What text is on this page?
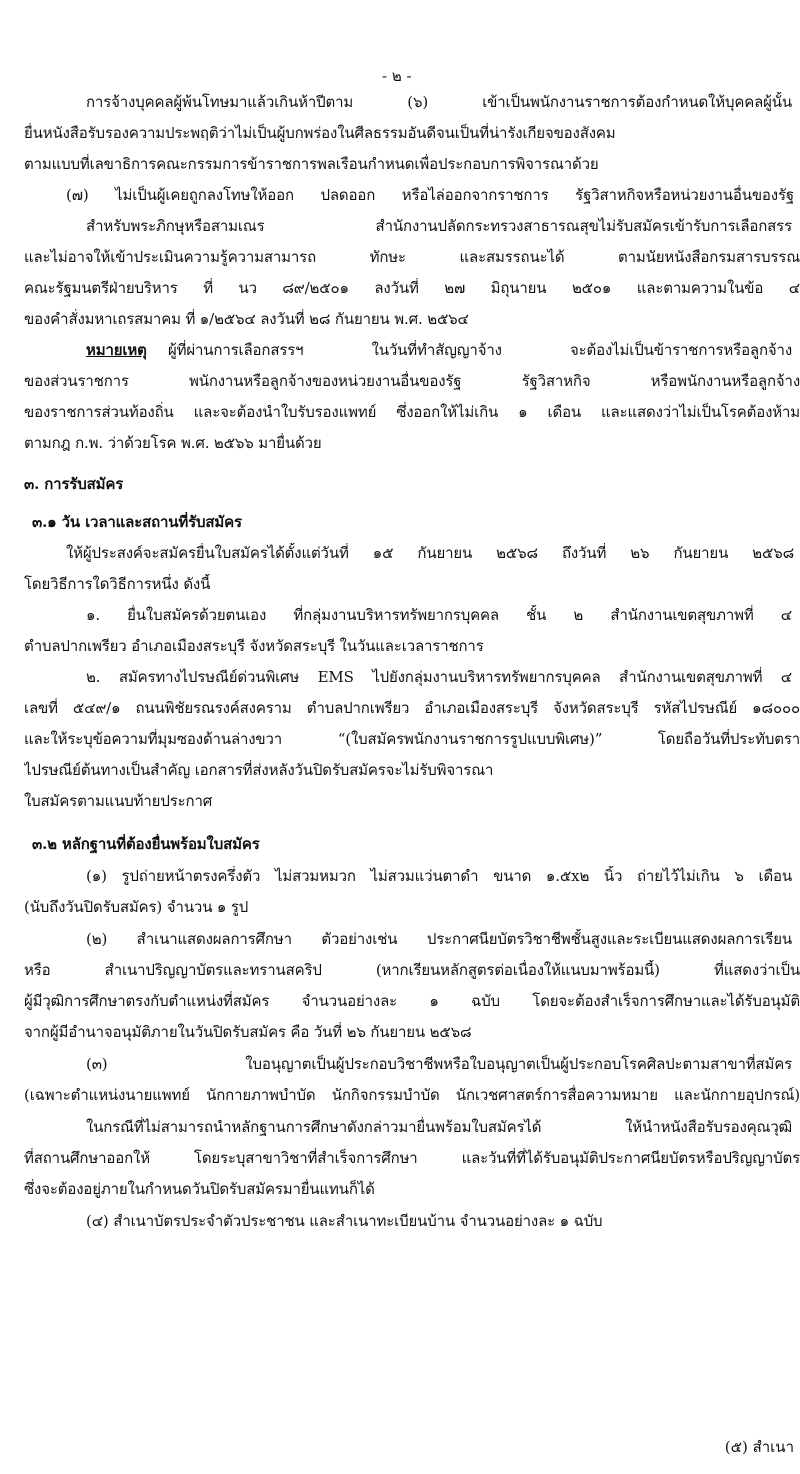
- ๒ -
การจ้างบุคคลผู้พ้นโทษมาแล้วเกินห้าปีตาม (๖) เข้าเป็นพนักงานราชการต้องกำหนดให้บุคคลผู้นั้น
ยื่นหนังสือรับรองความประพฤติว่าไม่เป็นผู้บกพร่องในศีลธรรมอันดีจนเป็นที่น่ารังเกียจของสังคม
ตามแบบที่เลขาธิการคณะกรรมการข้าราชการพลเรือนกำหนดเพื่อประกอบการพิจารณาด้วย
(๗) ไม่เป็นผู้เคยถูกลงโทษให้ออก ปลดออก หรือไล่ออกจากราชการ รัฐวิสาหกิจหรือหน่วยงานอื่นของรัฐ
สำหรับพระภิกษุหรือสามเณร สำนักงานปลัดกระทรวงสาธารณสุขไม่รับสมัครเข้ารับการเลือกสรร
และไม่อาจให้เข้าประเมินความรู้ความสามารถ ทักษะ และสมรรถนะได้ ตามนัยหนังสือกรมสารบรรณ
คณะรัฐมนตรีฝ่ายบริหาร ที่ นว ๘๙/๒๕๐๑ ลงวันที่ ๒๗ มิถุนายน ๒๕๐๑ และตามความในข้อ ๔
ของคำสั่งมหาเถรสมาคม ที่ ๑/๒๕๖๔ ลงวันที่ ๒๘ กันยายน พ.ศ. ๒๕๖๔
หมายเหตุ ผู้ที่ผ่านการเลือกสรรฯ ในวันที่ทำสัญญาจ้าง จะต้องไม่เป็นข้าราชการหรือลูกจ้าง
ของส่วนราชการ พนักงานหรือลูกจ้างของหน่วยงานอื่นของรัฐ รัฐวิสาหกิจ หรือพนักงานหรือลูกจ้าง
ของราชการส่วนท้องถิ่น และจะต้องนำใบรับรองแพทย์ ซึ่งออกให้ไม่เกิน ๑ เดือน และแสดงว่าไม่เป็นโรคต้องห้าม
ตามกฎ ก.พ. ว่าด้วยโรค พ.ศ. ๒๕๖๖ มายื่นด้วย
๓. การรับสมัคร
๓.๑ วัน เวลาและสถานที่รับสมัคร
ให้ผู้ประสงค์จะสมัครยื่นใบสมัครได้ตั้งแต่วันที่ ๑๕ กันยายน ๒๕๖๘ ถึงวันที่ ๒๖ กันยายน ๒๕๖๘
โดยวิธีการใดวิธีการหนึ่ง ดังนี้
๑. ยื่นใบสมัครด้วยตนเอง ที่กลุ่มงานบริหารทรัพยากรบุคคล ชั้น ๒ สำนักงานเขตสุขภาพที่ ๔
ตำบลปากเพรียว อำเภอเมืองสระบุรี จังหวัดสระบุรี ในวันและเวลาราชการ
๒. สมัครทางไปรษณีย์ด่วนพิเศษ EMS ไปยังกลุ่มงานบริหารทรัพยากรบุคคล สำนักงานเขตสุขภาพที่ ๔
เลขที่ ๕๔๙/๑ ถนนพิชัยรณรงค์สงคราม ตำบลปากเพรียว อำเภอเมืองสระบุรี จังหวัดสระบุรี รหัสไปรษณีย์ ๑๘๐๐๐
และให้ระบุข้อความที่มุมซองด้านล่างขวา “(ใบสมัครพนักงานราชการรูปแบบพิเศษ)” โดยถือวันที่ประทับตรา
ไปรษณีย์ต้นทางเป็นสำคัญ เอกสารที่ส่งหลังวันปิดรับสมัครจะไม่รับพิจารณา
ใบสมัครตามแนบท้ายประกาศ
๓.๒ หลักฐานที่ต้องยื่นพร้อมใบสมัคร
(๑) รูปถ่ายหน้าตรงครึ่งตัว ไม่สวมหมวก ไม่สวมแว่นตาดำ ขนาด ๑.๕x๒ นิ้ว ถ่ายไว้ไม่เกิน ๖ เดือน
(นับถึงวันปิดรับสมัคร) จำนวน ๑ รูป
(๒) สำเนาแสดงผลการศึกษา ตัวอย่างเช่น ประกาศนียบัตรวิชาชีพชั้นสูงและระเบียนแสดงผลการเรียน
หรือ สำเนาปริญญาบัตรและทรานสคริป (หากเรียนหลักสูตรต่อเนื่องให้แนบมาพร้อมนี้) ที่แสดงว่าเป็น
ผู้มีวุฒิการศึกษาตรงกับตำแหน่งที่สมัคร จำนวนอย่างละ ๑ ฉบับ โดยจะต้องสำเร็จการศึกษาและได้รับอนุมัติ
จากผู้มีอำนาจอนุมัติภายในวันปิดรับสมัคร คือ วันที่ ๒๖ กันยายน ๒๕๖๘
(๓) ใบอนุญาตเป็นผู้ประกอบวิชาชีพหรือใบอนุญาตเป็นผู้ประกอบโรคศิลปะตามสาขาที่สมัคร
(เฉพาะตำแหน่งนายแพทย์ นักกายภาพบำบัด นักกิจกรรมบำบัด นักเวชศาสตร์การสื่อความหมาย และนักกายอุปกรณ์)
ในกรณีที่ไม่สามารถนำหลักฐานการศึกษาดังกล่าวมายื่นพร้อมใบสมัครได้ ให้นำหนังสือรับรองคุณวุฒิ
ที่สถานศึกษาออกให้ โดยระบุสาขาวิชาที่สำเร็จการศึกษา และวันที่ที่ได้รับอนุมัติประกาศนียบัตรหรือปริญญาบัตร
ซึ่งจะต้องอยู่ภายในกำหนดวันปิดรับสมัครมายื่นแทนก็ได้
(๔) สำเนาบัตรประจำตัวประชาชน และสำเนาทะเบียนบ้าน จำนวนอย่างละ ๑ ฉบับ
(๕) สำเนา
